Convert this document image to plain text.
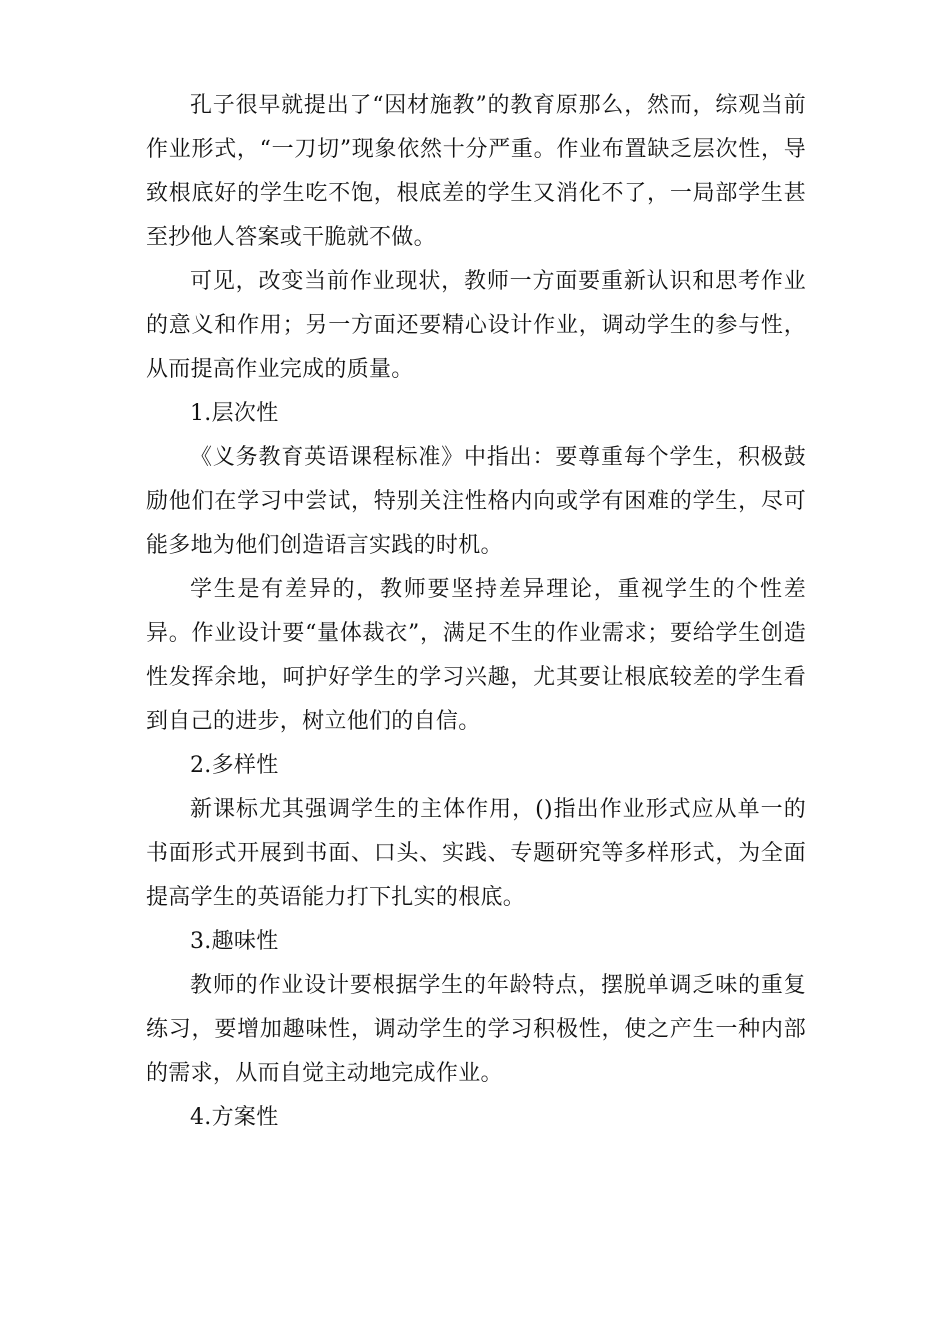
孔子很早就提出了“因材施教”的教育原那么，然而，综观当前作业形式，“一刀切”现象依然十分严重。作业布置缺乏层次性，导致根底好的学生吃不饱，根底差的学生又消化不了，一局部学生甚至抄他人答案或干脆就不做。

可见，改变当前作业现状，教师一方面要重新认识和思考作业的意义和作用；另一方面还要精心设计作业，调动学生的参与性，从而提高作业完成的质量。

1.层次性

《义务教育英语课程标准》中指出：要尊重每个学生，积极鼓励他们在学习中尝试，特别关注性格内向或学有困难的学生，尽可能多地为他们创造语言实践的时机。

学生是有差异的，教师要坚持差异理论，重视学生的个性差异。作业设计要“量体裁衣”，满足不生的作业需求；要给学生创造性发挥余地，呵护好学生的学习兴趣，尤其要让根底较差的学生看到自己的进步，树立他们的自信。

2.多样性

新课标尤其强调学生的主体作用，()指出作业形式应从单一的书面形式开展到书面、口头、实践、专题研究等多样形式，为全面提高学生的英语能力打下扎实的根底。

3.趣味性

教师的作业设计要根据学生的年龄特点，摆脱单调乏味的重复练习，要增加趣味性，调动学生的学习积极性，使之产生一种内部的需求，从而自觉主动地完成作业。

4.方案性
